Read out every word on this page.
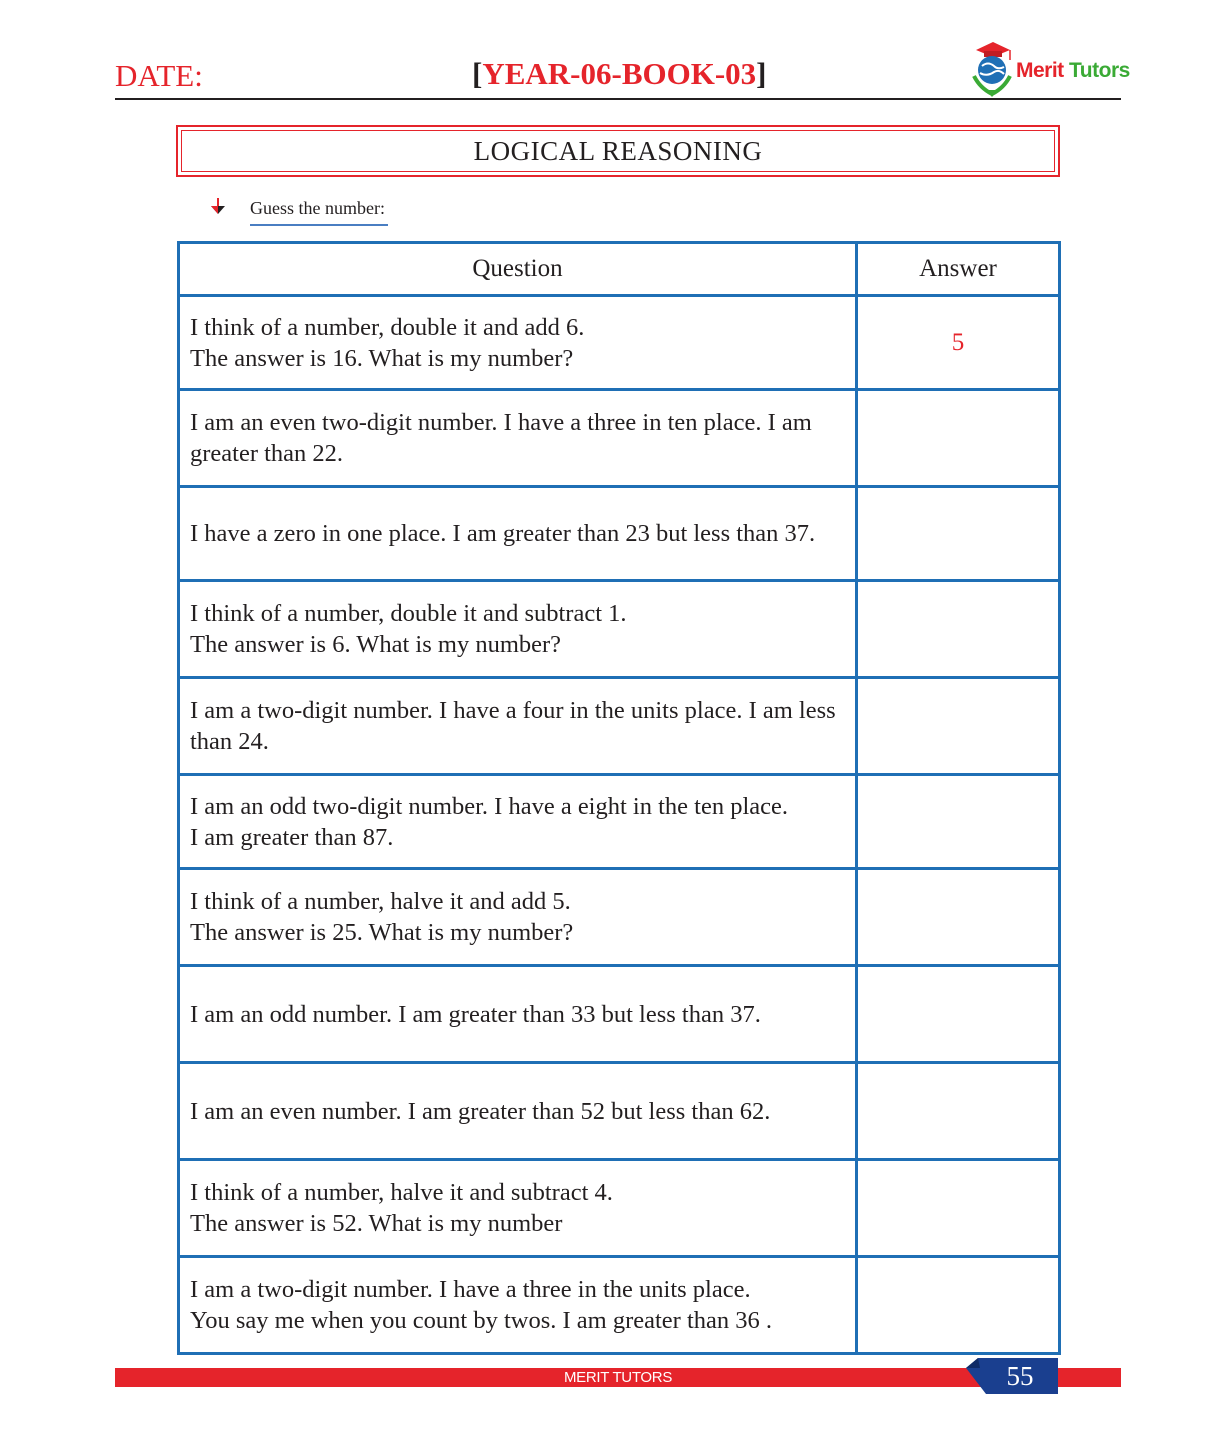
DATE:	[YEAR-06-BOOK-03]	Merit Tutors
LOGICAL REASONING
Guess the number:
Question	Answer

I think of a number, double it and add 6.
The answer is 16. What is my number?	5

I am an even two-digit number. I have a three in ten place. I am greater than 22.	

I have a zero in one place. I am greater than 23 but less than 37.	

I think of a number, double it and subtract 1.
The answer is 6. What is my number?	

I am a two-digit number. I have a four in the units place. I am less than 24.	

I am an odd two-digit number. I have a eight in the ten place.
I am greater than 87.	

I think of a number, halve it and add 5.
The answer is 25. What is my number?	

I am an odd number. I am greater than 33 but less than 37.	

I am an even number. I am greater than 52 but less than 62.	

I think of a number, halve it and subtract 4.
The answer is 52. What is my number	

I am a two-digit number. I have a three in the units place.
You say me when you count by twos. I am greater than 36 .	

MERIT TUTORS	55
